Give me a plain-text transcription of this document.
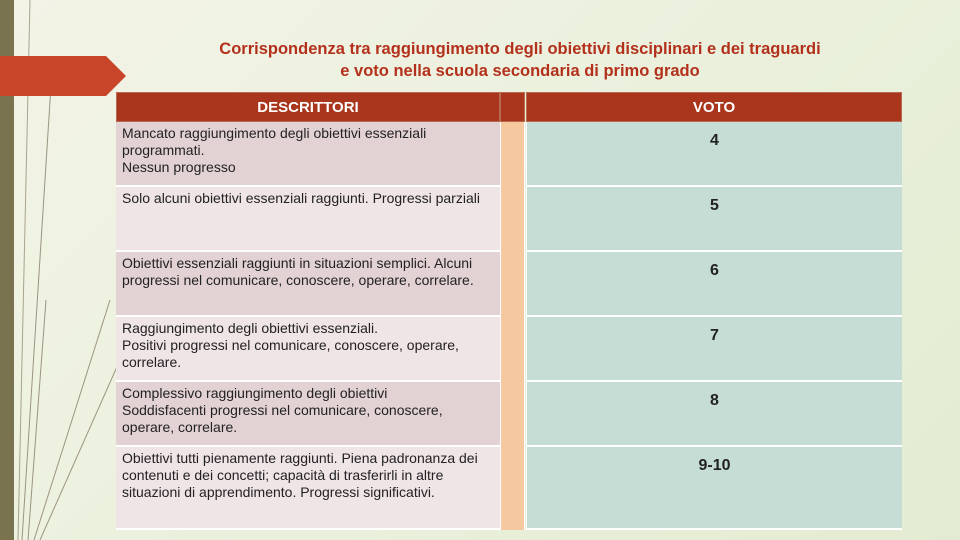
Corrispondenza tra raggiungimento degli obiettivi disciplinari e dei traguardi
e voto nella scuola secondaria di primo grado
DESCRITTORI	VOTO
Mancato raggiungimento degli obiettivi essenziali programmati.
Nessun progresso
4
Solo alcuni obiettivi essenziali raggiunti. Progressi parziali	5
Obiettivi essenziali raggiunti in situazioni semplici. Alcuni progressi nel comunicare, conoscere, operare, correlare.
6
Raggiungimento degli obiettivi essenziali.
Positivi progressi nel comunicare, conoscere, operare, correlare.
7
Complessivo raggiungimento degli obiettivi
Soddisfacenti progressi nel comunicare, conoscere, operare, correlare.
8
Obiettivi tutti pienamente raggiunti. Piena padronanza dei contenuti e dei concetti; capacità di trasferirli in altre situazioni di apprendimento. Progressi significativi.
9-10
